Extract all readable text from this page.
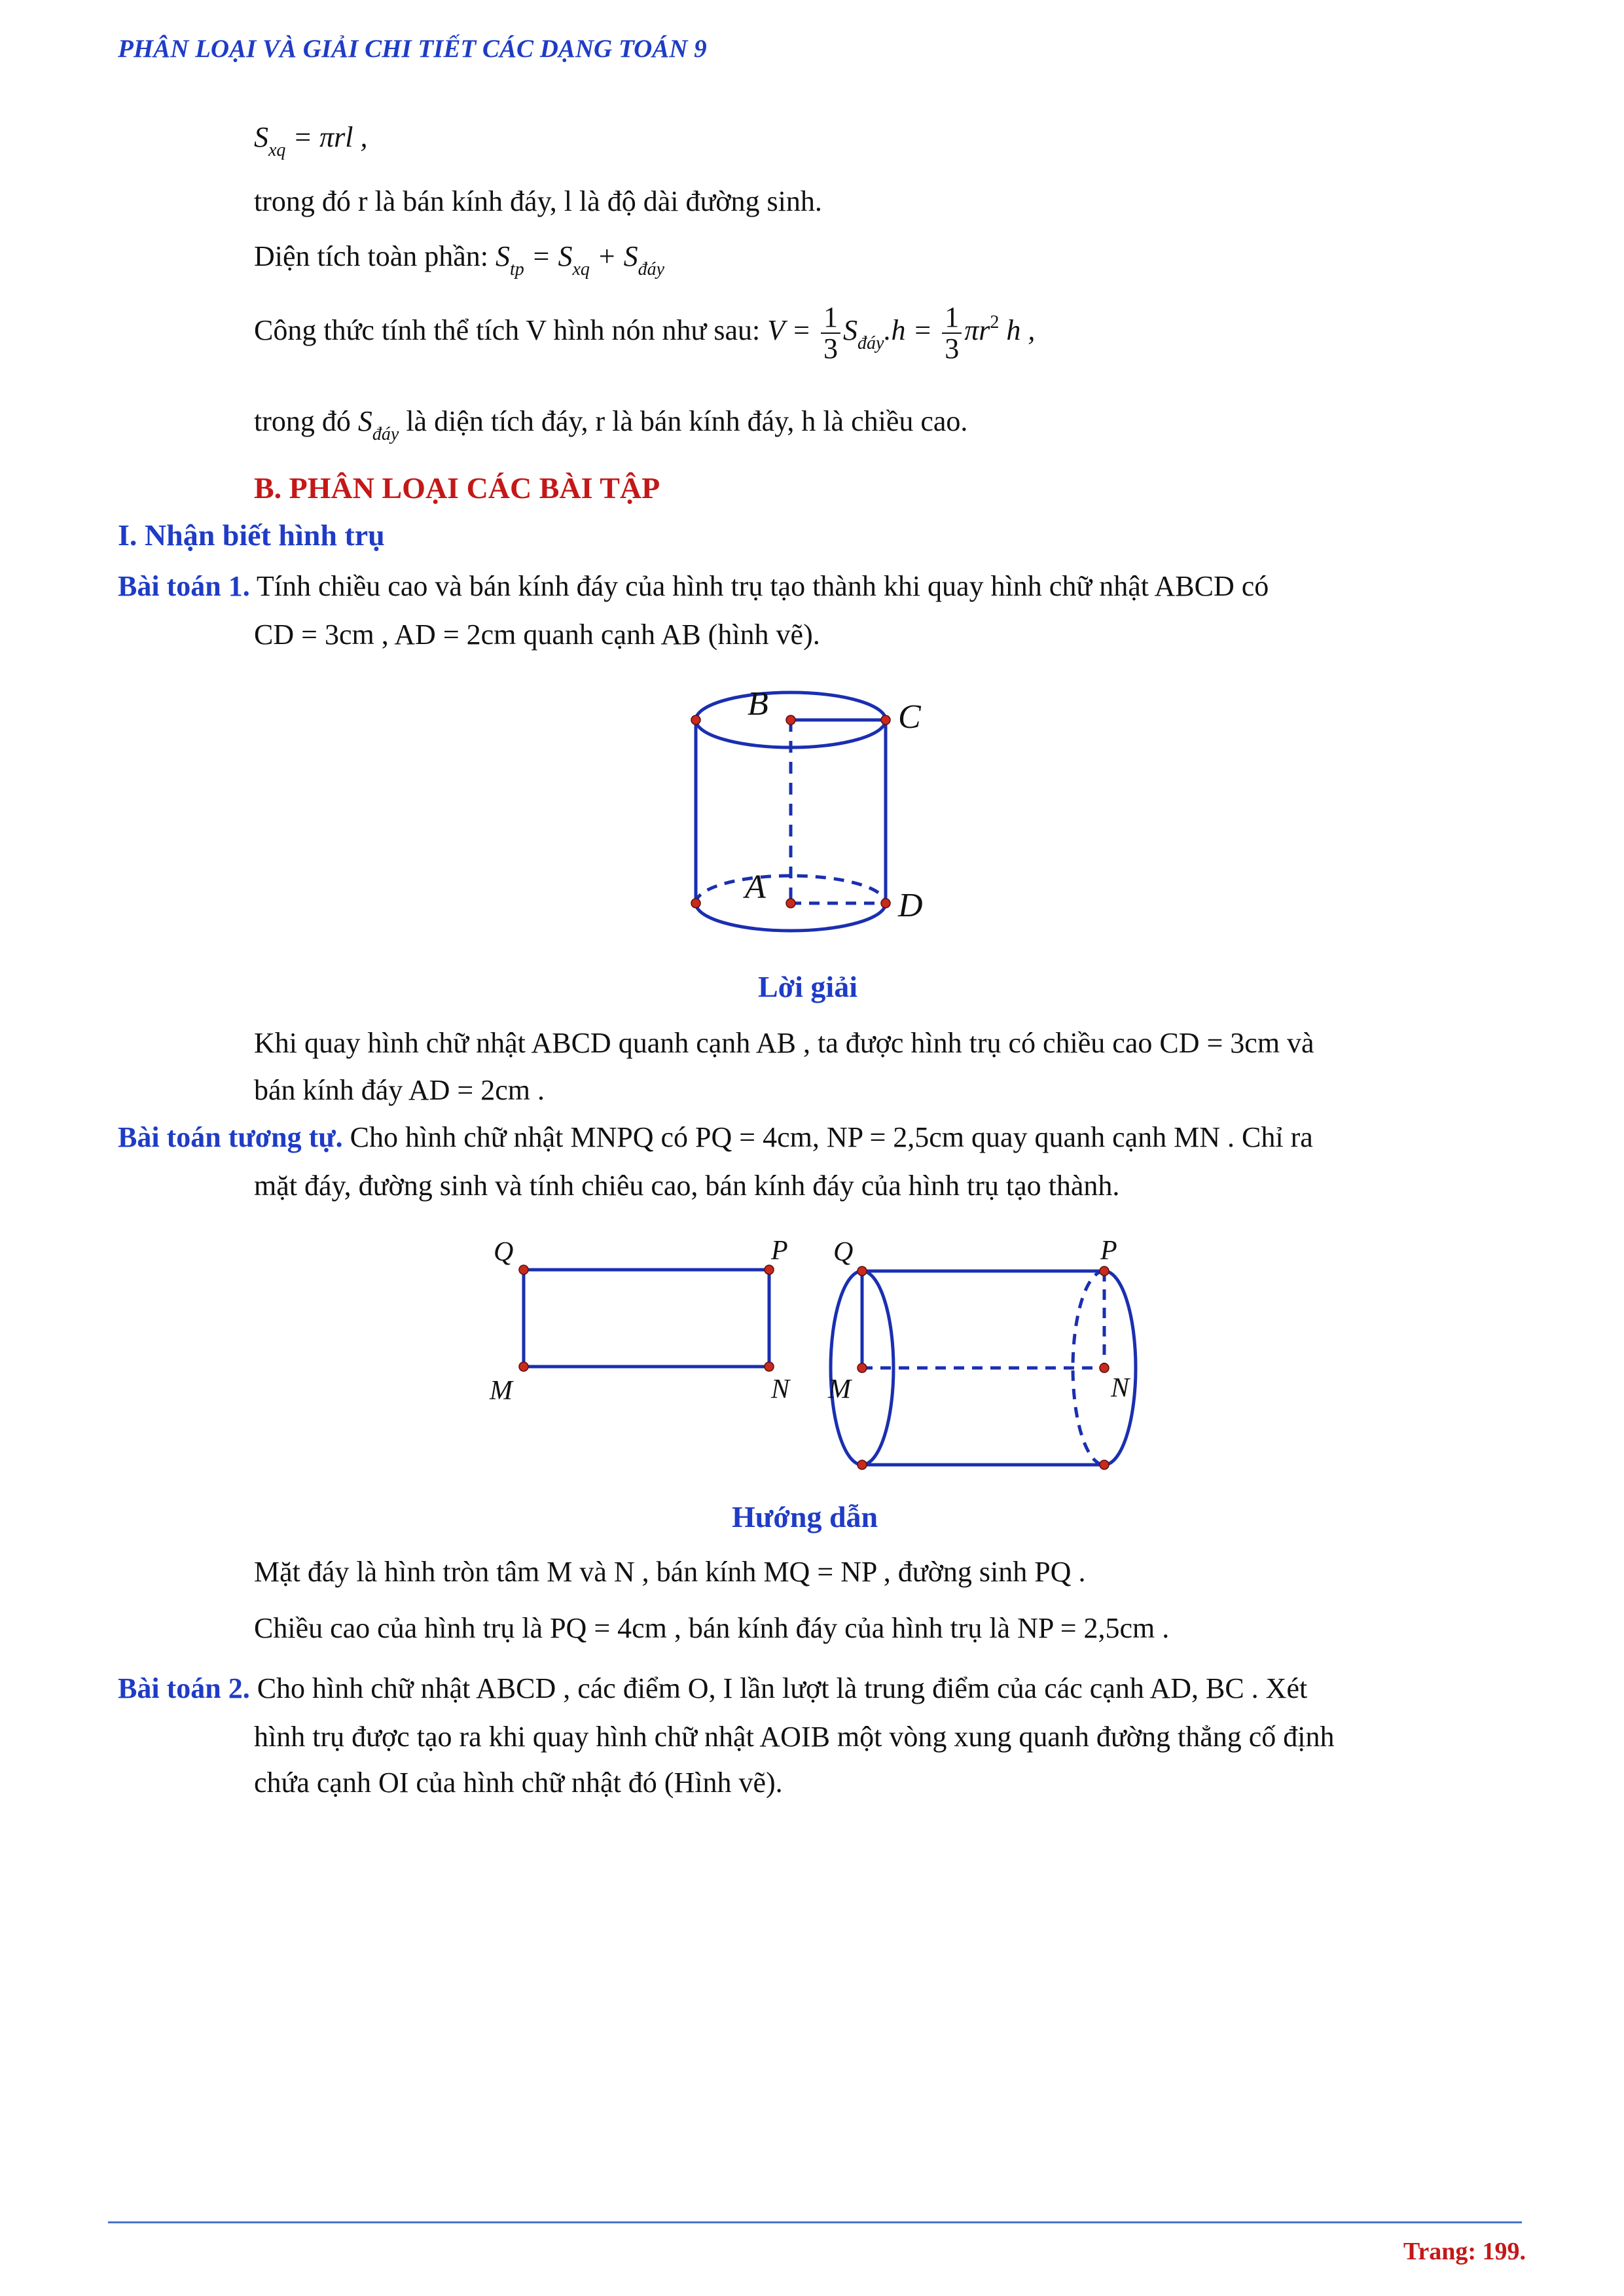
PHÂN LOẠI VÀ GIẢI CHI TIẾT CÁC DẠNG TOÁN 9
$S_{xq} = \pi rl$ ,
trong đó r là bán kính đáy, l là độ dài đường sinh.
Diện tích toàn phần: $S_{tp} = S_{xq} + S_{đáy}$
Công thức tính thể tích V hình nón như sau: $V = \frac{1}{3} S_{đáy}.h = \frac{1}{3} \pi r^2$ h ,
trong đó $S_{đáy}$ là diện tích đáy, r là bán kính đáy, h là chiều cao.
B. PHÂN LOẠI CÁC BÀI TẬP
I. Nhận biết hình trụ
Bài toán 1. Tính chiều cao và bán kính đáy của hình trụ tạo thành khi quay hình chữ nhật ABCD có
CD = 3cm , AD = 2cm quanh cạnh AB (hình vẽ).
B	C
A	D
Lời giải
Khi quay hình chữ nhật ABCD quanh cạnh AB , ta được hình trụ có chiều cao CD = 3cm và
bán kính đáy AD = 2cm .
Bài toán tương tự. Cho hình chữ nhật MNPQ có PQ = 4cm, NP = 2,5cm quay quanh cạnh MN . Chỉ ra
mặt đáy, đường sinh và tính chiêu cao, bán kính đáy của hình trụ tạo thành.
Q	P
M	N
Q	P
M	N
Hướng dẫn
Mặt đáy là hình tròn tâm M và N , bán kính MQ = NP , đường sinh PQ .
Chiều cao của hình trụ là PQ = 4cm , bán kính đáy của hình trụ là NP = 2,5cm .
Bài toán 2. Cho hình chữ nhật ABCD , các điểm O, I lần lượt là trung điểm của các cạnh AD, BC . Xét
hình trụ được tạo ra khi quay hình chữ nhật AOIB một vòng xung quanh đường thẳng cố định
chứa cạnh OI của hình chữ nhật đó (Hình vẽ).
Trang: 199.
